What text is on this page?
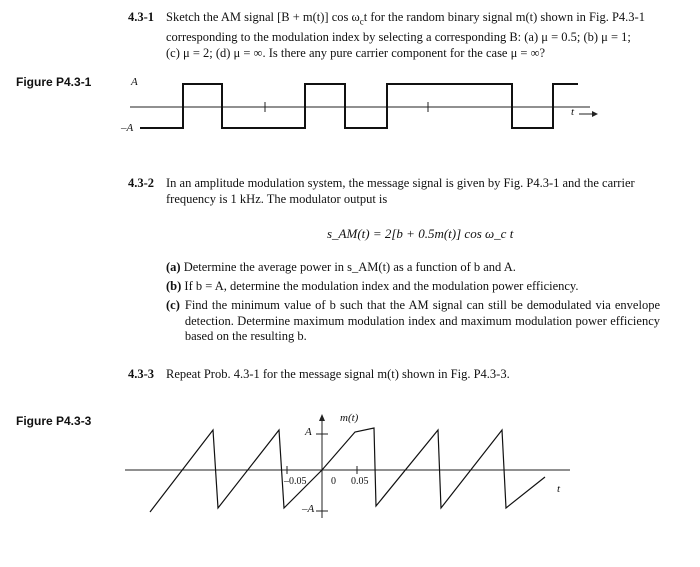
4.3-1 Sketch the AM signal [B + m(t)] $\cos \omega_ct$ for the random binary signal m(t) shown in Fig. P4.3-1
corresponding to the modulation index by selecting a corresponding B: (a) μ = 0.5; (b) μ = 1;
(c) μ = 2; (d) μ = ∞. Is there any pure carrier component for the case μ = ∞?
Figure P4.3-1	A
–A
t
4.3-2 In an amplitude modulation system, the message signal is given by Fig. P4.3-1 and the carrier
frequency is 1 kHz. The modulator output is
s_AM(t) = 2[b + 0.5m(t)] cos ω_c t
(a) Determine the average power in s_AM(t) as a function of b and A.
(b) If b = A, determine the modulation index and the modulation power efficiency.
(c) Find the minimum value of b such that the AM signal can still be demodulated via envelope detection. Determine maximum modulation index and maximum modulation power efficiency based on the resulting b.
4.3-3 Repeat Prob. 4.3-1 for the message signal m(t) shown in Fig. P4.3-3.
Figure P4.3-3	m(t)
A
–A
–0.05 0 0.05
t
